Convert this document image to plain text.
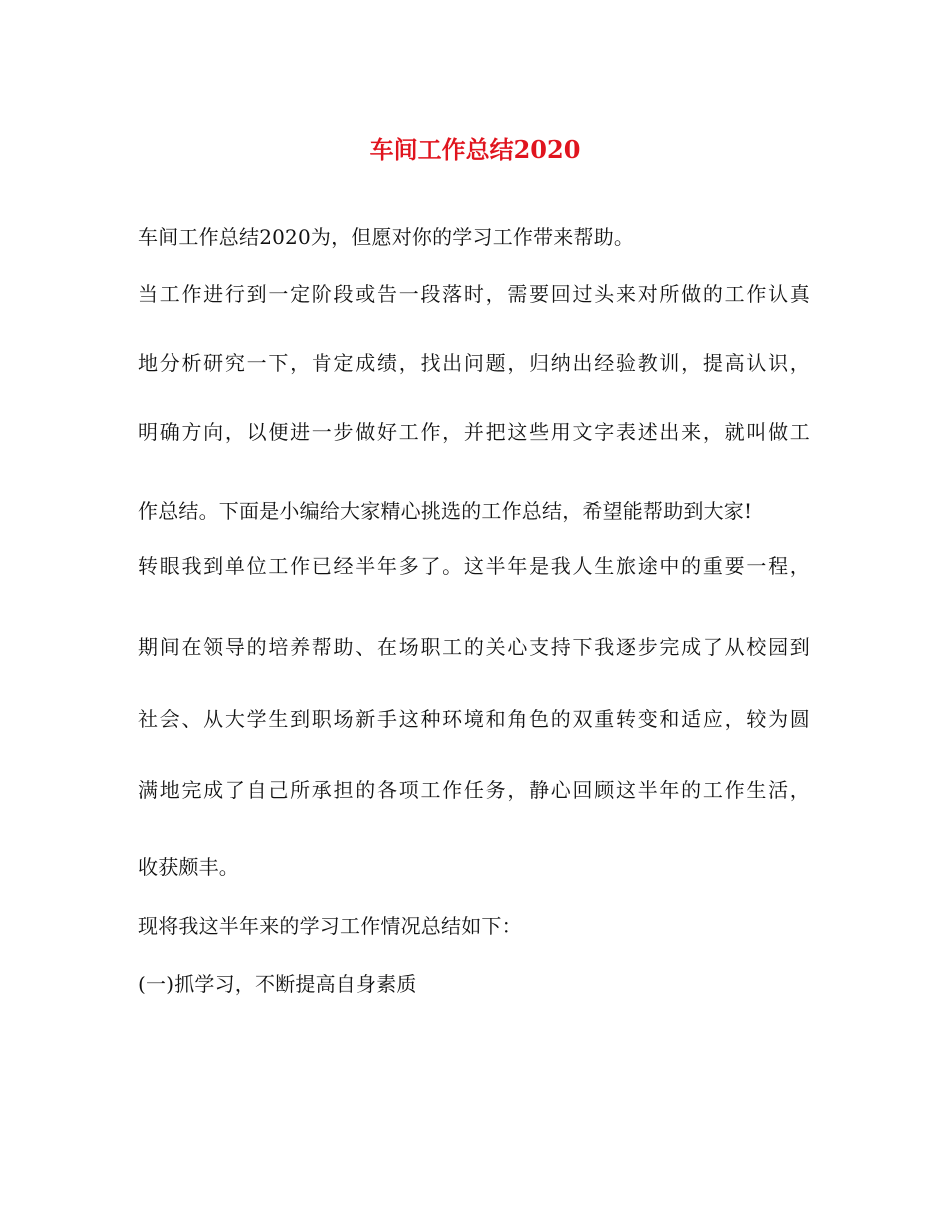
车间工作总结2020
车间工作总结2020为，但愿对你的学习工作带来帮助。
当工作进行到一定阶段或告一段落时，需要回过头来对所做的工作认真
地分析研究一下，肯定成绩，找出问题，归纳出经验教训，提高认识，
明确方向，以便进一步做好工作，并把这些用文字表述出来，就叫做工
作总结。下面是小编给大家精心挑选的工作总结，希望能帮助到大家!
转眼我到单位工作已经半年多了。这半年是我人生旅途中的重要一程，
期间在领导的培养帮助、在场职工的关心支持下我逐步完成了从校园到
社会、从大学生到职场新手这种环境和角色的双重转变和适应，较为圆
满地完成了自己所承担的各项工作任务，静心回顾这半年的工作生活，
收获颇丰。
现将我这半年来的学习工作情况总结如下：
(一)抓学习，不断提高自身素质
